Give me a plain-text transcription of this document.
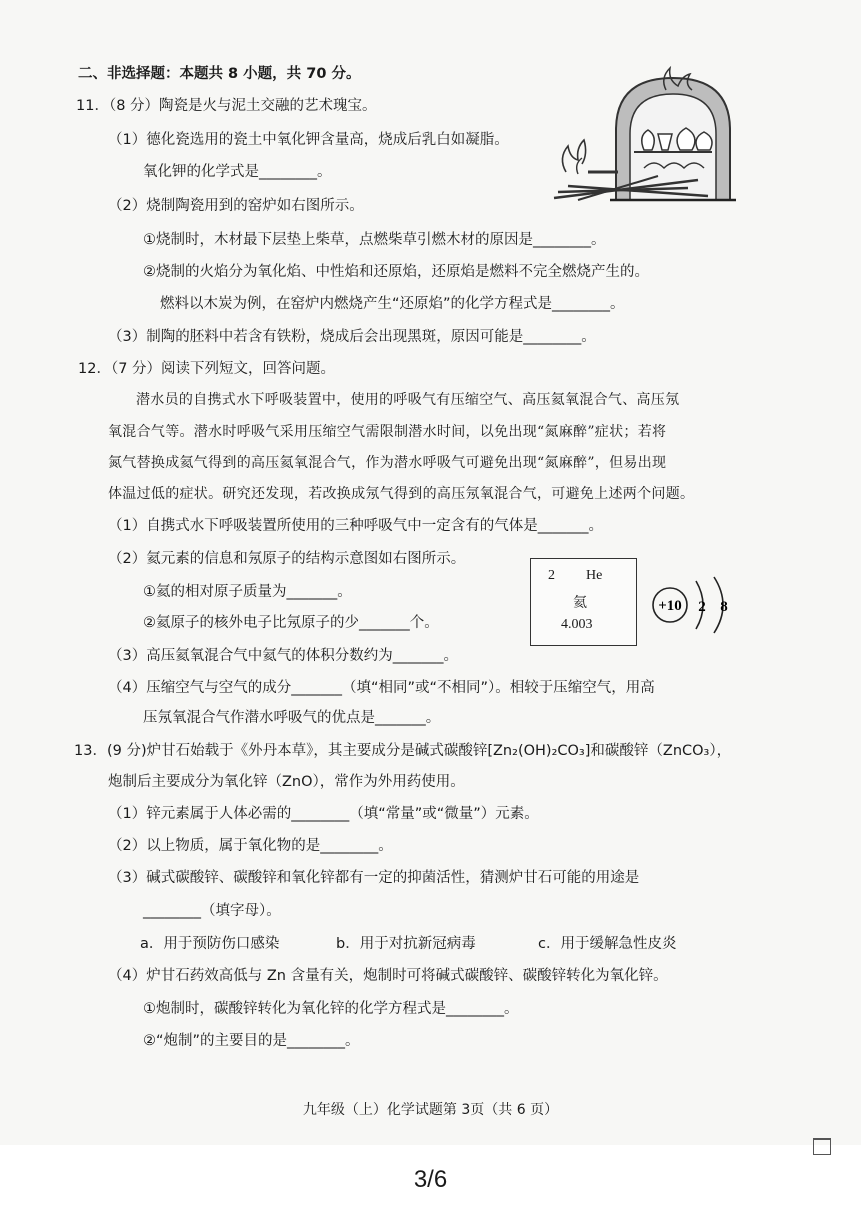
二、非选择题：本题共 8 小题，共 70 分。
11．（8 分）陶瓷是火与泥土交融的艺术瑰宝。
（1）德化瓷选用的瓷土中氧化钾含量高，烧成后乳白如凝脂。
氧化钾的化学式是________。
（2）烧制陶瓷用到的窑炉如右图所示。
①烧制时，木材最下层垫上柴草，点燃柴草引燃木材的原因是________。
②烧制的火焰分为氧化焰、中性焰和还原焰，还原焰是燃料不完全燃烧产生的。
燃料以木炭为例，在窑炉内燃烧产生“还原焰”的化学方程式是________。
（3）制陶的胚料中若含有铁粉，烧成后会出现黑斑，原因可能是________。
12．（7 分）阅读下列短文，回答问题。
潜水员的自携式水下呼吸装置中，使用的呼吸气有压缩空气、高压氦氧混合气、高压氖
氧混合气等。潜水时呼吸气采用压缩空气需限制潜水时间，以免出现“氮麻醉”症状；若将
氮气替换成氦气得到的高压氦氧混合气，作为潜水呼吸气可避免出现“氮麻醉”，但易出现
体温过低的症状。研究还发现，若改换成氖气得到的高压氖氧混合气，可避免上述两个问题。
（1）自携式水下呼吸装置所使用的三种呼吸气中一定含有的气体是_______。
（2）氦元素的信息和氖原子的结构示意图如右图所示。
①氦的相对原子质量为_______。
②氦原子的核外电子比氖原子的少_______个。
（3）高压氦氧混合气中氦气的体积分数约为_______。
（4）压缩空气与空气的成分_______（填“相同”或“不相同”）。相较于压缩空气，用高
压氖氧混合气作潜水呼吸气的优点是_______。
2 He
氦
4.003
+10 2 8
13．(9 分)炉甘石始载于《外丹本草》，其主要成分是碱式碳酸锌[Zn₂(OH)₂CO₃]和碳酸锌（ZnCO₃），
炮制后主要成分为氧化锌（ZnO），常作为外用药使用。
（1）锌元素属于人体必需的________（填“常量”或“微量”）元素。
（2）以上物质，属于氧化物的是________。
（3）碱式碳酸锌、碳酸锌和氧化锌都有一定的抑菌活性，猜测炉甘石可能的用途是
________（填字母）。
a．用于预防伤口感染	b．用于对抗新冠病毒	c．用于缓解急性皮炎
（4）炉甘石药效高低与 Zn 含量有关，炮制时可将碱式碳酸锌、碳酸锌转化为氧化锌。
①炮制时，碳酸锌转化为氧化锌的化学方程式是________。
②“炮制”的主要目的是________。
九年级（上）化学试题第 3页（共 6 页）
3/6
